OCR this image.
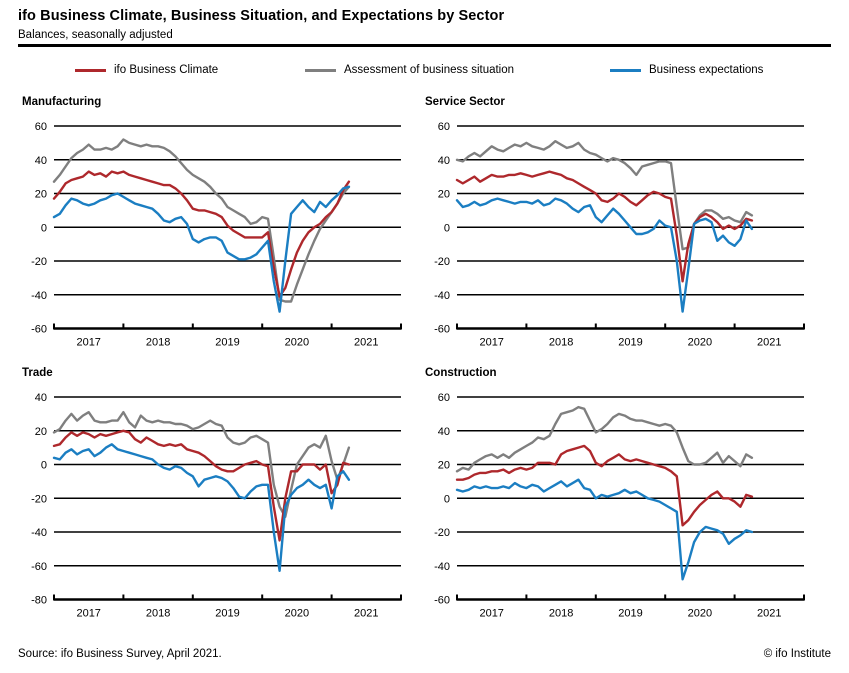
ifo Business Climate, Business Situation, and Expectations by Sector
Balances, seasonally adjusted
ifo Business Climate	Assessment of business situation	Business expectations
Manufacturing
60
40
20
0
-20
-40
-60
2017	2018	2019	2020	2021
Service Sector
60
40
20
0
-20
-40
-60
2017	2018	2019	2020	2021
Trade
40
20
0
-20
-40
-60
-80
2017	2018	2019	2020	2021
Construction
60
40
20
0
-20
-40
-60
2017	2018	2019	2020	2021
Source: ifo Business Survey, April 2021.	© ifo Institute
